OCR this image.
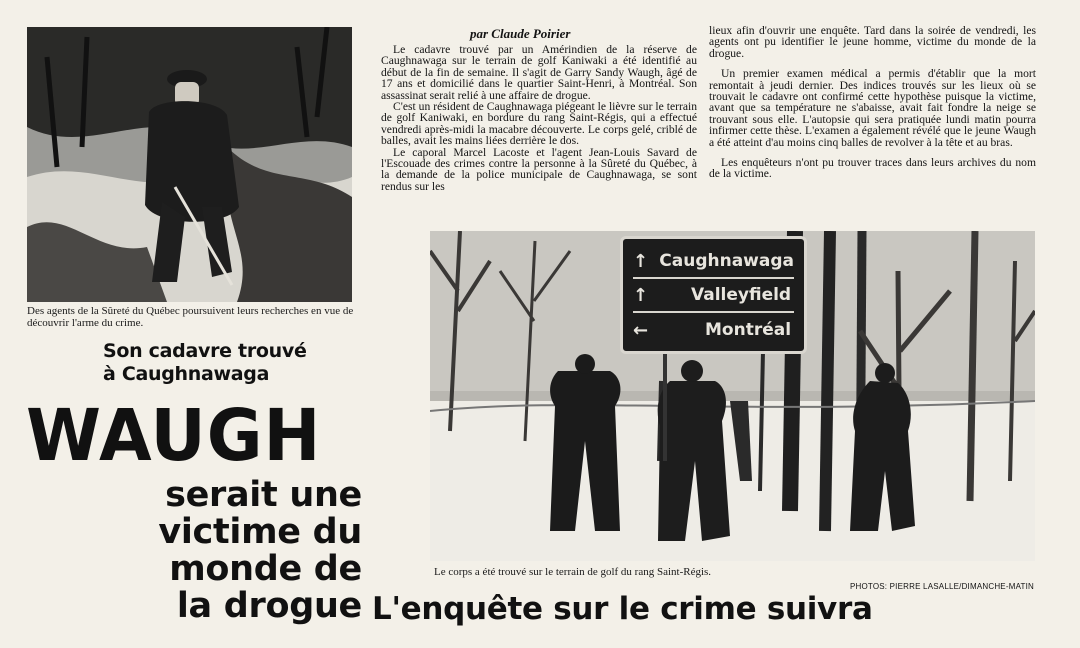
Des agents de la Sûreté du Québec poursuivent leurs recherches en vue de découvrir l'arme du crime.
par Claude Poirier

Le cadavre trouvé par un Amérindien de la réserve de Caughnawaga sur le terrain de golf Kaniwaki a été identifié au début de la fin de semaine. Il s'agit de Garry Sandy Waugh, âgé de 17 ans et domicilié dans le quartier Saint-Henri, à Montréal. Son assassinat serait relié à une affaire de drogue.

C'est un résident de Caughnawaga piégeant le lièvre sur le terrain de golf Kaniwaki, en bordure du rang Saint-Régis, qui a effectué vendredi après-midi la macabre découverte. Le corps gelé, criblé de balles, avait les mains liées derrière le dos.

Le caporal Marcel Lacoste et l'agent Jean-Louis Savard de l'Escouade des crimes contre la personne à la Sûreté du Québec, à la demande de la police municipale de Caughnawaga, se sont rendus sur les

lieux afin d'ouvrir une enquête. Tard dans la soirée de vendredi, les agents ont pu identifier le jeune homme, victime du monde de la drogue.

Un premier examen médical a permis d'établir que la mort remontait à jeudi dernier. Des indices trouvés sur les lieux où se trouvait le cadavre ont confirmé cette hypothèse puisque la victime, avant que sa température ne s'abaisse, avait fait fondre la neige se trouvant sous elle. L'autopsie qui sera pratiquée lundi matin pourra infirmer cette thèse. L'examen a également révélé que le jeune Waugh a été atteint d'au moins cinq balles de revolver à la tête et au bras.

Les enquêteurs n'ont pu trouver traces dans leurs archives du nom de la victime.

↑ Caughnawaga
↑	Valleyfield
←	Montréal
Le corps a été trouvé sur le terrain de golf du rang Saint-Régis.
PHOTOS: PIERRE LASALLE/DIMANCHE-MATIN
Son cadavre trouvé
à Caughnawaga
WAUGH
serait une
victime du
monde de
la drogue L'enquête sur le crime suivra
